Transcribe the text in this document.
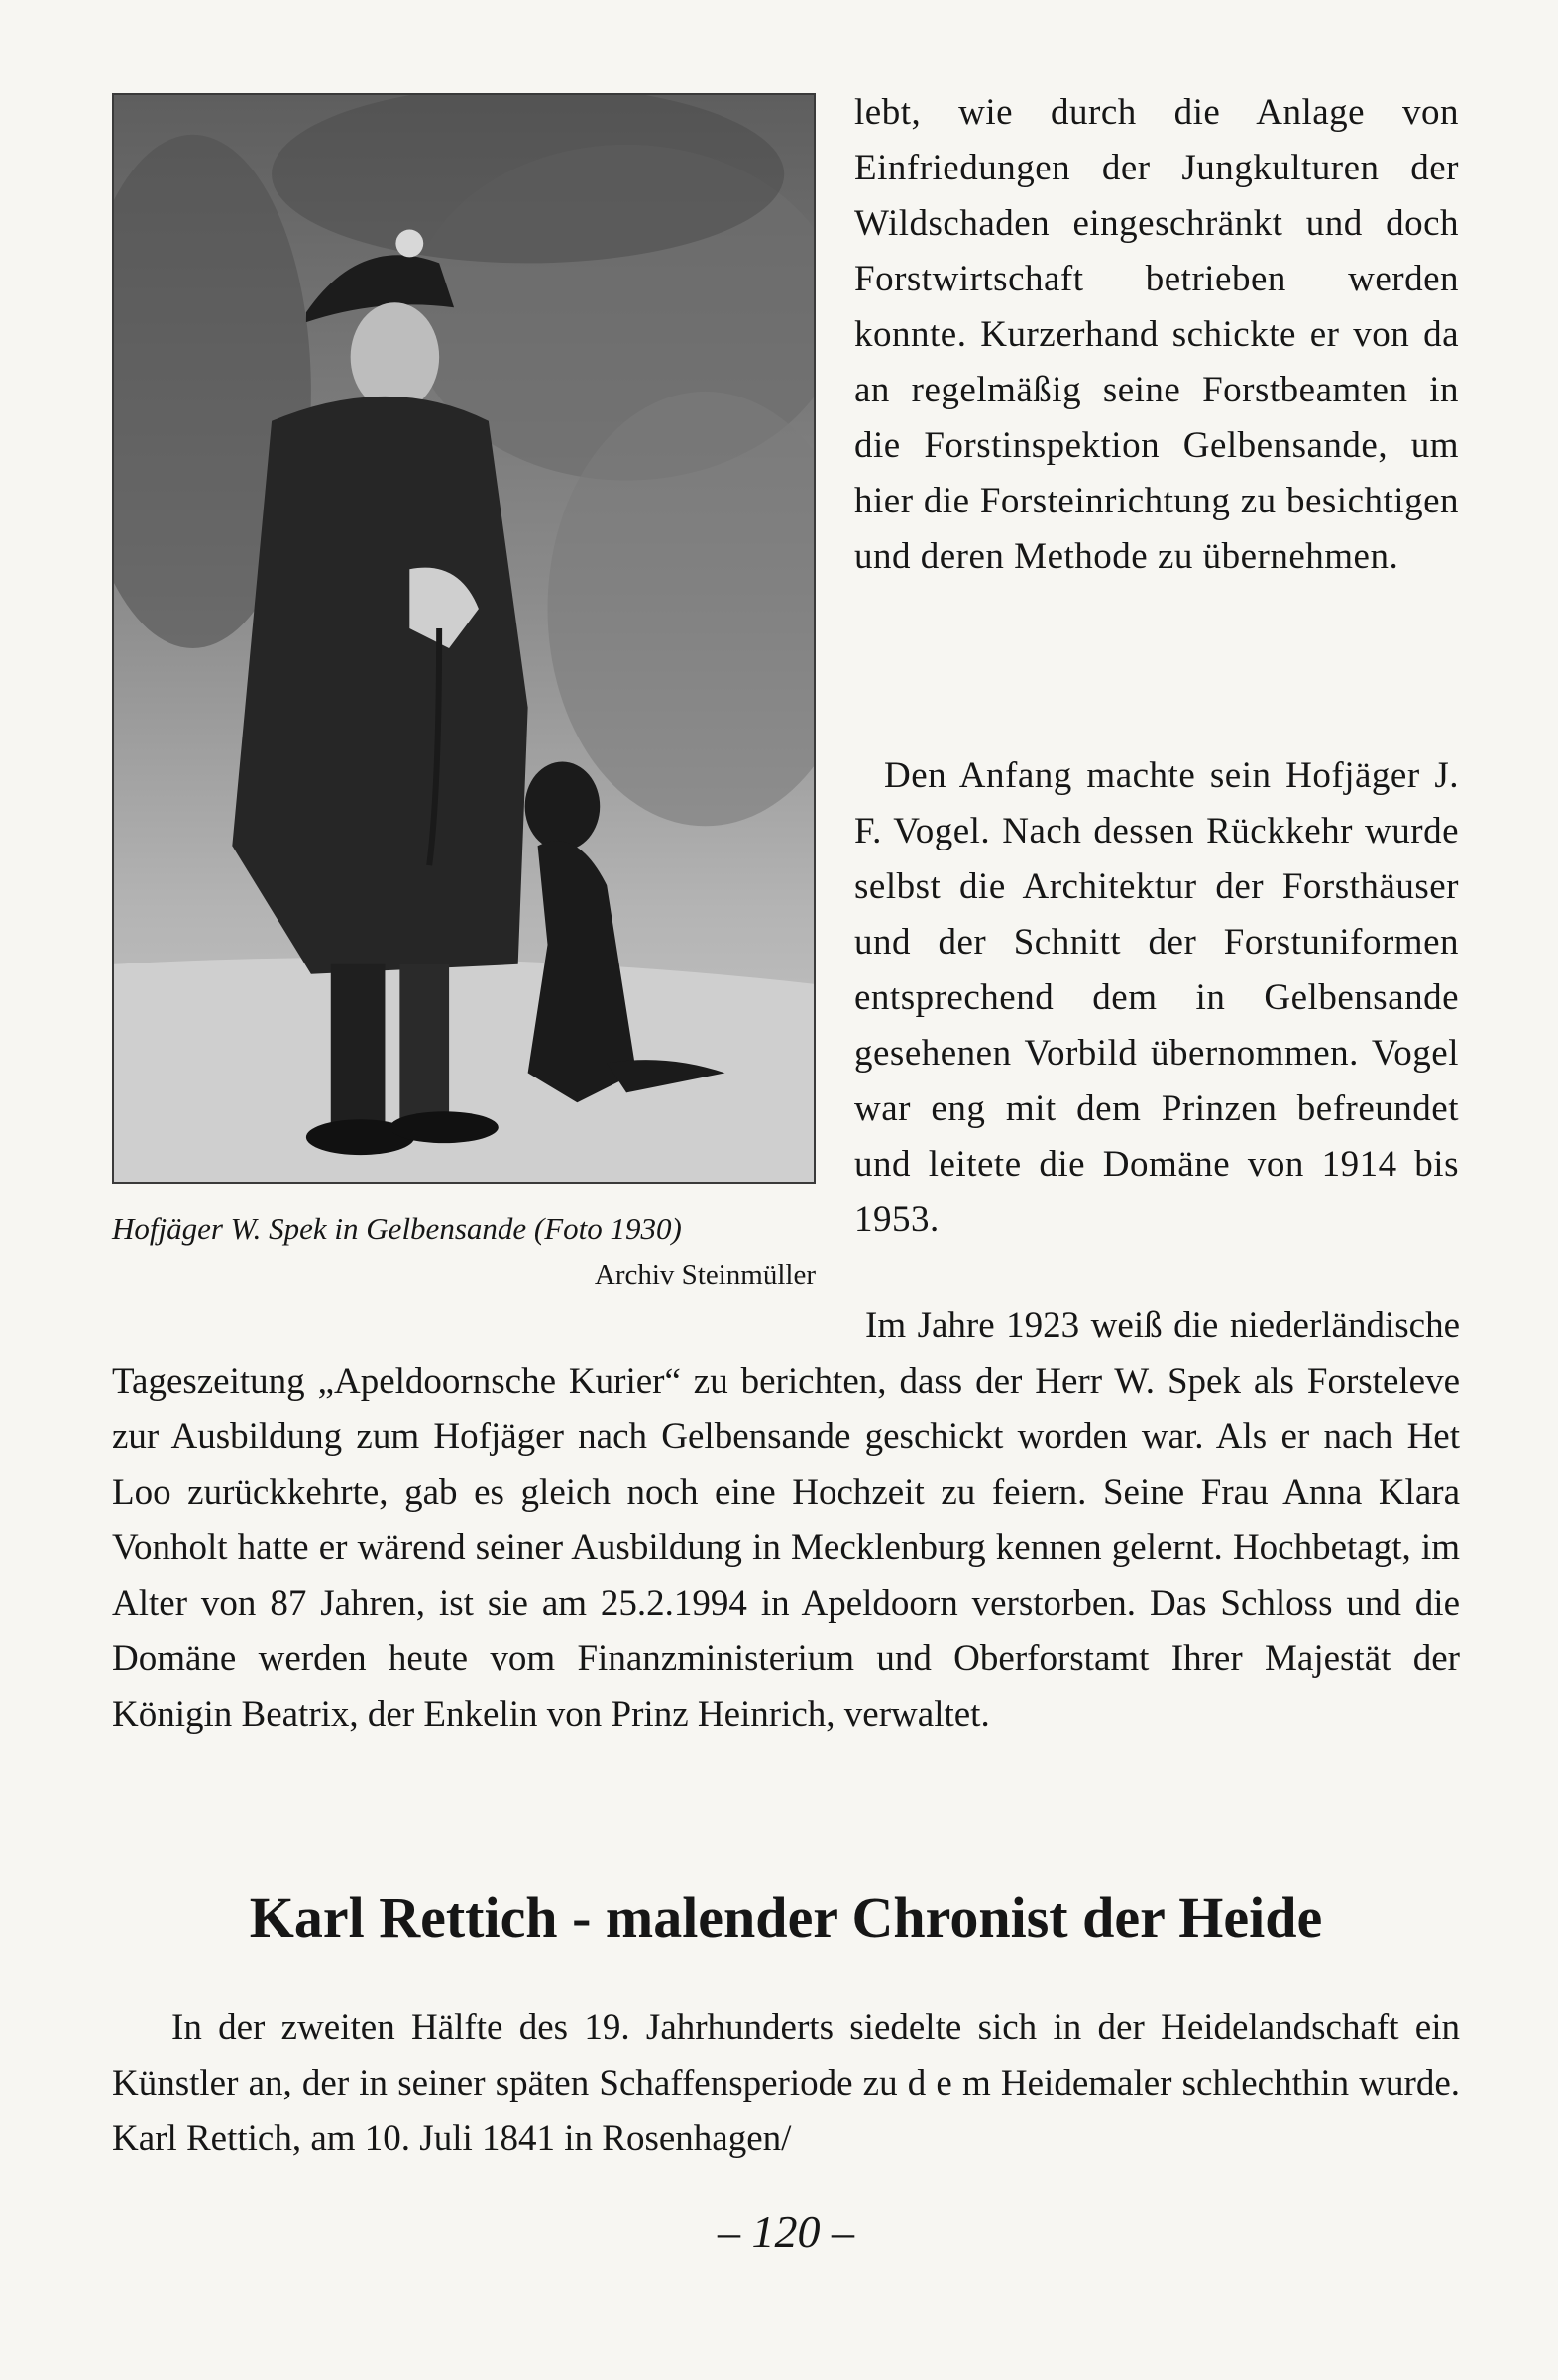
Hofjäger W. Spek in Gelbensande (Foto 1930)
Archiv Steinmüller
lebt, wie durch die Anlage von Einfriedungen der Jungkulturen der Wildschaden eingeschränkt und doch Forstwirtschaft betrieben werden konnte. Kurzerhand schickte er von da an regelmäßig seine Forstbeamten in die Forstinspektion Gelbensande, um hier die Forsteinrichtung zu besichtigen und deren Methode zu übernehmen.
Den Anfang machte sein Hofjäger J. F. Vogel. Nach dessen Rückkehr wurde selbst die Architektur der Forsthäuser und der Schnitt der Forstuniformen entsprechend dem in Gelbensande gesehenen Vorbild übernommen. Vogel war eng mit dem Prinzen befreundet und leitete die Domäne von 1914 bis 1953.
Im Jahre 1923 weiß die niederländische Tageszeitung „Apeldoornsche Kurier“ zu berichten, dass der Herr W. Spek als Forsteleve zur Ausbildung zum Hofjäger nach Gelbensande geschickt worden war. Als er nach Het Loo zurückkehrte, gab es gleich noch eine Hochzeit zu feiern. Seine Frau Anna Klara Vonholt hatte er wärend seiner Ausbildung in Mecklenburg kennen gelernt. Hochbetagt, im Alter von 87 Jahren, ist sie am 25.2.1994 in Apeldoorn verstorben. Das Schloss und die Domäne werden heute vom Finanzministerium und Oberforstamt Ihrer Majestät der Königin Beatrix, der Enkelin von Prinz Heinrich, verwaltet.
Karl Rettich - malender Chronist der Heide
In der zweiten Hälfte des 19. Jahrhunderts siedelte sich in der Heidelandschaft ein Künstler an, der in seiner späten Schaffensperiode zu d e m Heidemaler schlechthin wurde. Karl Rettich, am 10. Juli 1841 in Rosenhagen/
– 120 –
